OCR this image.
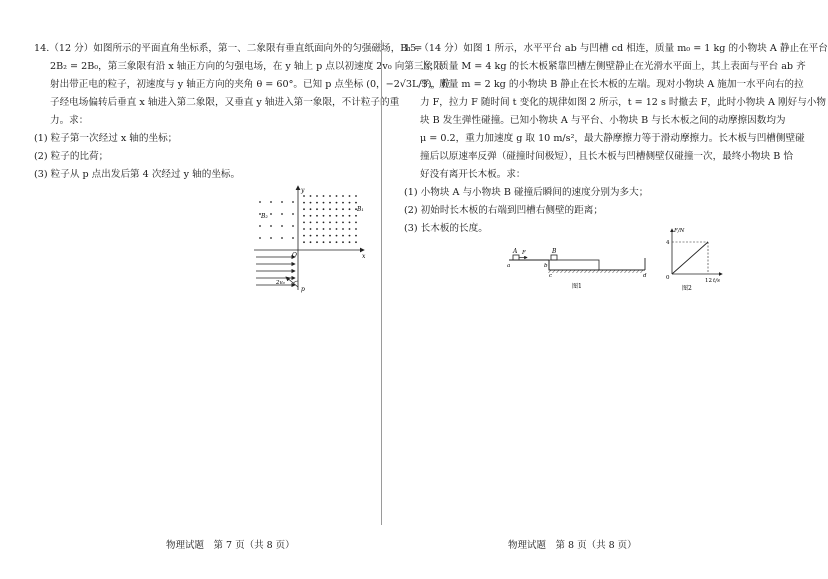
14.（12 分）如图所示的平面直角坐标系，第一、二象限有垂直纸面向外的匀强磁场，B₁ =
2B₂ = 2B₀，第三象限有沿 x 轴正方向的匀强电场，在 y 轴上 p 点以初速度 2v₀ 向第三象限
射出带正电的粒子，初速度与 y 轴正方向的夹角 θ = 60°。已知 p 点坐标 (0，−2√3L/3)，粒
子经电场偏转后垂直 x 轴进入第二象限，又垂直 y 轴进入第一象限，不计粒子的重
力。求：
(1) 粒子第一次经过 x 轴的坐标；
(2) 粒子的比荷；
(3) 粒子从 p 点出发后第 4 次经过 y 轴的坐标。
B₂
B₁
y
x
O
p
2v₀
物理试题　第 7 页（共 8 页）
15.（14 分）如图 1 所示，水平平台 ab 与凹槽 cd 相连，质量 m₀ = 1 kg 的小物块 A 静止在平台
上，质量 M = 4 kg 的长木板紧靠凹槽左侧壁静止在光滑水平面上，其上表面与平台 ab 齐
平，质量 m = 2 kg 的小物块 B 静止在长木板的左端。现对小物块 A 施加一水平向右的拉
力 F，拉力 F 随时间 t 变化的规律如图 2 所示，t = 12 s 时撤去 F，此时小物块 A 刚好与小物
块 B 发生弹性碰撞。已知小物块 A 与平台、小物块 B 与长木板之间的动摩擦因数均为
μ = 0.2，重力加速度 g 取 10 m/s²，最大静摩擦力等于滑动摩擦力。长木板与凹槽侧壁碰
撞后以原速率反弹（碰撞时间极短），且长木板与凹槽侧壁仅碰撞一次，最终小物块 B 恰
好没有离开长木板。求：
(1) 小物块 A 与小物块 B 碰撞后瞬间的速度分别为多大；
(2) 初始时长木板的右端到凹槽右侧壁的距离；
(3) 长木板的长度。
A F	B
a	b
c	d
图1
F/N
t/s
4
12
0
图2
物理试题　第 8 页（共 8 页）
